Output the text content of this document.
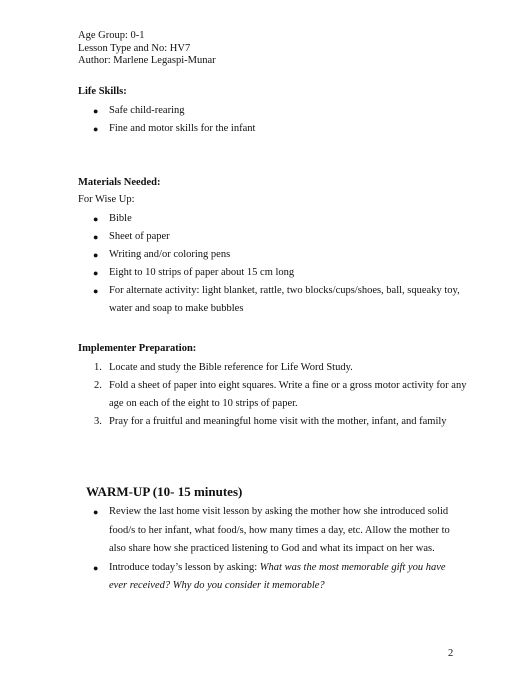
Age Group: 0-1
Lesson Type and No: HV7
Author: Marlene Legaspi-Munar
Life Skills:
● Safe child-rearing
● Fine and motor skills for the infant
Materials Needed:
For Wise Up:
● Bible
● Sheet of paper
● Writing and/or coloring pens
● Eight to 10 strips of paper about 15 cm long
● For alternate activity: light blanket, rattle, two blocks/cups/shoes, ball, squeaky toy, water and soap to make bubbles
Implementer Preparation:
1. Locate and study the Bible reference for Life Word Study.
2. Fold a sheet of paper into eight squares. Write a fine or a gross motor activity for any age on each of the eight to 10 strips of paper.
3. Pray for a fruitful and meaningful home visit with the mother, infant, and family
WARM-UP (10- 15 minutes)
● Review the last home visit lesson by asking the mother how she introduced solid food/s to her infant, what food/s, how many times a day, etc. Allow the mother to also share how she practiced listening to God and what its impact on her was.
● Introduce today’s lesson by asking: What was the most memorable gift you have ever received? Why do you consider it memorable?
2
